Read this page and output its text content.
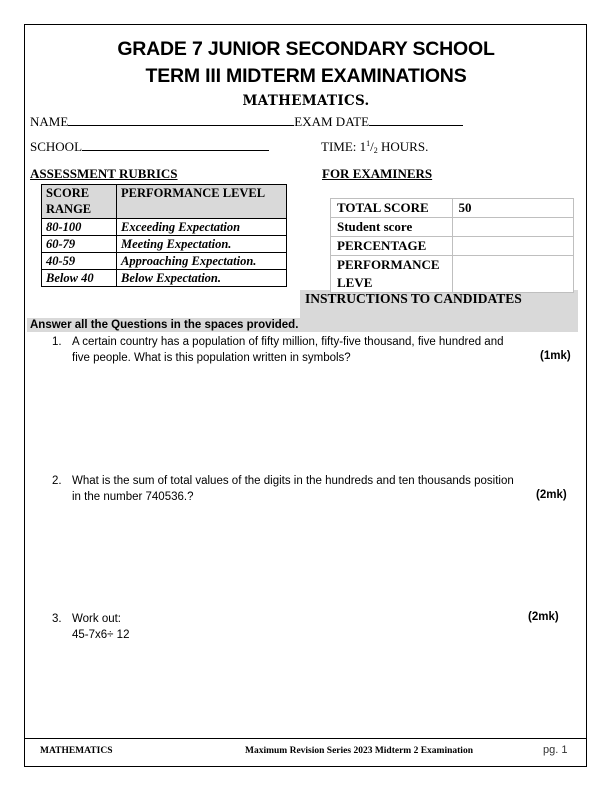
GRADE 7 JUNIOR SECONDARY SCHOOL
TERM III MIDTERM EXAMINATIONS
MATHEMATICS.
NAME	EXAM DATE
SCHOOL	TIME: $1^1/2$ HOURS.
ASSESSMENT RUBRICS	FOR EXAMINERS
SCORE RANGE	PERFORMANCE LEVEL
80-100	Exceeding Expectation
60-79	Meeting Expectation.
40-59	Approaching Expectation.
Below 40	Below Expectation.
TOTAL SCORE	50
Student score	
PERCENTAGE	
PERFORMANCE LEVE	
INSTRUCTIONS TO CANDIDATES
Answer all the Questions in the spaces provided.
1. A certain country has a population of fifty million, fifty-five thousand, five hundred and
five people. What is this population written in symbols?	(1mk)
2. What is the sum of total values of the digits in the hundreds and ten thousands position
in the number 740536.?	(2mk)
3. Work out:
45-7x6÷ 12
(2mk)
MATHEMATICS	Maximum Revision Series 2023 Midterm 2 Examination	pg. 1
